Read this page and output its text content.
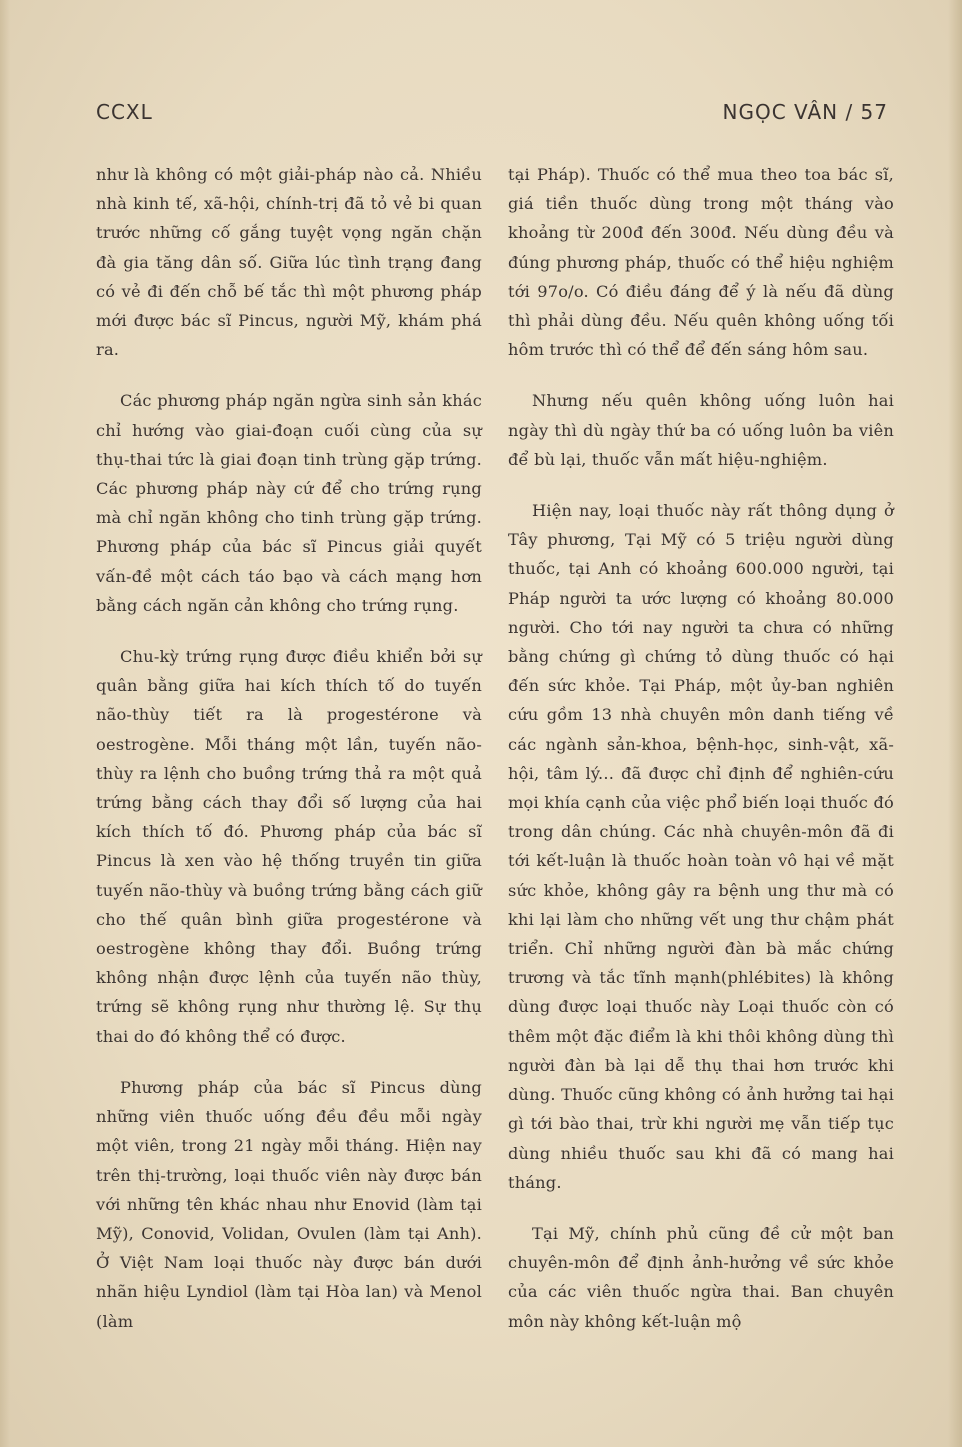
CCXL	NGỌC VÂN / 57

như là không có một giải-pháp nào cả. Nhiều nhà kinh tế, xã-hội, chính-trị đã tỏ vẻ bi quan trước những cố gắng tuyệt vọng ngăn chặn đà gia tăng dân số. Giữa lúc tình trạng đang có vẻ đi đến chỗ bế tắc thì một phương pháp mới được bác sĩ Pincus, người Mỹ, khám phá ra.

Các phương pháp ngăn ngừa sinh sản khác chỉ hướng vào giai-đoạn cuối cùng của sự thụ-thai tức là giai đoạn tinh trùng gặp trứng. Các phương pháp này cứ để cho trứng rụng mà chỉ ngăn không cho tinh trùng gặp trứng. Phương pháp của bác sĩ Pincus giải quyết vấn-đề một cách táo bạo và cách mạng hơn bằng cách ngăn cản không cho trứng rụng.

Chu-kỳ trứng rụng được điều khiển bởi sự quân bằng giữa hai kích thích tố do tuyến não-thùy tiết ra là progestérone và oestrogène. Mỗi tháng một lần, tuyến não-thùy ra lệnh cho buồng trứng thả ra một quả trứng bằng cách thay đổi số lượng của hai kích thích tố đó. Phương pháp của bác sĩ Pincus là xen vào hệ thống truyền tin giữa tuyến não-thùy và buồng trứng bằng cách giữ cho thế quân bình giữa progestérone và oestrogène không thay đổi. Buồng trứng không nhận được lệnh của tuyến não thùy, trứng sẽ không rụng như thường lệ. Sự thụ thai do đó không thể có được.

Phương pháp của bác sĩ Pincus dùng những viên thuốc uống đều đều mỗi ngày một viên, trong 21 ngày mỗi tháng. Hiện nay trên thị-trường, loại thuốc viên này được bán với những tên khác nhau như Enovid (làm tại Mỹ), Conovid, Volidan, Ovulen (làm tại Anh). Ở Việt Nam loại thuốc này được bán dưới nhãn hiệu Lyndiol (làm tại Hòa lan) và Menol (làm

tại Pháp). Thuốc có thể mua theo toa bác sĩ, giá tiền thuốc dùng trong một tháng vào khoảng từ 200đ đến 300đ. Nếu dùng đều và đúng phương pháp, thuốc có thể hiệu nghiệm tới 97o/o. Có điều đáng để ý là nếu đã dùng thì phải dùng đều. Nếu quên không uống tối hôm trước thì có thể để đến sáng hôm sau.

Nhưng nếu quên không uống luôn hai ngày thì dù ngày thứ ba có uống luôn ba viên để bù lại, thuốc vẫn mất hiệu-nghiệm.

Hiện nay, loại thuốc này rất thông dụng ở Tây phương, Tại Mỹ có 5 triệu người dùng thuốc, tại Anh có khoảng 600.000 người, tại Pháp người ta ước lượng có khoảng 80.000 người. Cho tới nay người ta chưa có những bằng chứng gì chứng tỏ dùng thuốc có hại đến sức khỏe. Tại Pháp, một ủy-ban nghiên cứu gồm 13 nhà chuyên môn danh tiếng về các ngành sản-khoa, bệnh-học, sinh-vật, xã-hội, tâm lý... đã được chỉ định để nghiên-cứu mọi khía cạnh của việc phổ biến loại thuốc đó trong dân chúng. Các nhà chuyên-môn đã đi tới kết-luận là thuốc hoàn toàn vô hại về mặt sức khỏe, không gây ra bệnh ung thư mà có khi lại làm cho những vết ung thư chậm phát triển. Chỉ những người đàn bà mắc chứng trương và tắc tĩnh mạnh(phlébites) là không dùng được loại thuốc này Loại thuốc còn có thêm một đặc điểm là khi thôi không dùng thì người đàn bà lại dễ thụ thai hơn trước khi dùng. Thuốc cũng không có ảnh hưởng tai hại gì tới bào thai, trừ khi người mẹ vẫn tiếp tục dùng nhiều thuốc sau khi đã có mang hai tháng.

Tại Mỹ, chính phủ cũng đề cử một ban chuyên-môn để định ảnh-hưởng về sức khỏe của các viên thuốc ngừa thai. Ban chuyên môn này không kết-luận mộ
